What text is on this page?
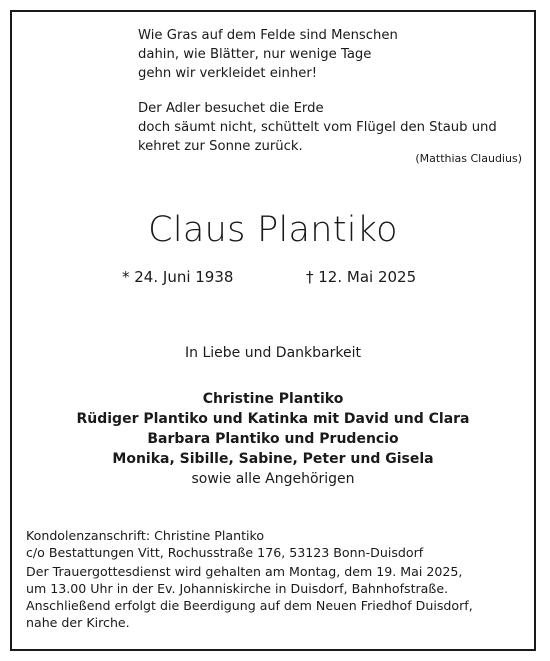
Wie Gras auf dem Felde sind Menschen
dahin, wie Blätter, nur wenige Tage
gehn wir verkleidet einher!
Der Adler besuchet die Erde
doch säumt nicht, schüttelt vom Flügel den Staub und
kehret zur Sonne zurück.
(Matthias Claudius)
Claus Plantiko
* 24. Juni 1938	† 12. Mai 2025
In Liebe und Dankbarkeit
Christine Plantiko
Rüdiger Plantiko und Katinka mit David und Clara
Barbara Plantiko und Prudencio
Monika, Sibille, Sabine, Peter und Gisela
sowie alle Angehörigen
Kondolenzanschrift: Christine Plantiko
c/o Bestattungen Vitt, Rochusstraße 176, 53123 Bonn-Duisdorf
Der Trauergottesdienst wird gehalten am Montag, dem 19. Mai 2025,
um 13.00 Uhr in der Ev. Johanniskirche in Duisdorf, Bahnhofstraße.
Anschließend erfolgt die Beerdigung auf dem Neuen Friedhof Duisdorf,
nahe der Kirche.
